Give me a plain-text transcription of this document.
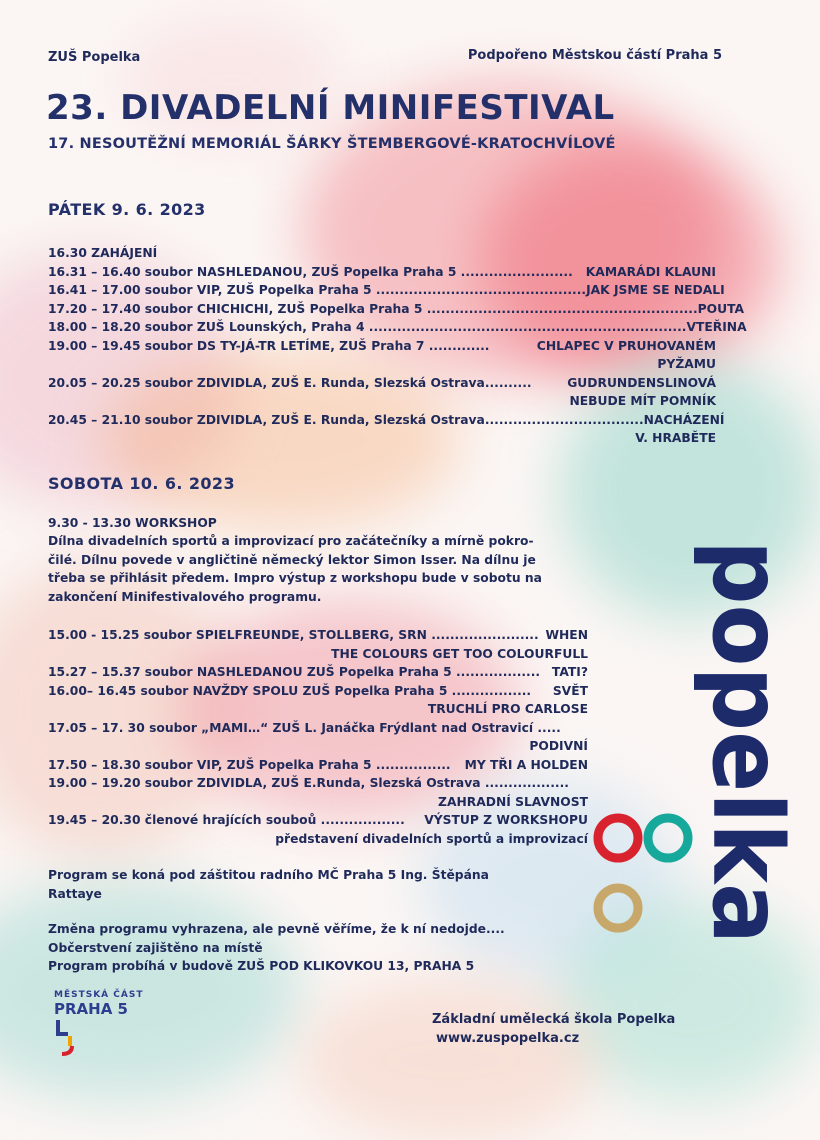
ZUŠ Popelka	Podpořeno Městskou částí Praha 5
23. DIVADELNÍ MINIFESTIVAL
17. NESOUTĚŽNÍ MEMORIÁL ŠÁRKY ŠTEMBERGOVÉ-KRATOCHVÍLOVÉ
PÁTEK 9. 6. 2023
16.30 ZAHÁJENÍ
16.31 – 16.40 soubor NASHLEDANOU, ZUŠ Popelka Praha 5 ........................ KAMARÁDI KLAUNI
16.41 – 17.00 soubor VIP, ZUŠ Popelka Praha 5 ............................................. JAK JSME SE NEDALI
17.20 – 17.40 soubor CHICHICHI, ZUŠ Popelka Praha 5 .......................................................... POUTA
18.00 – 18.20 soubor ZUŠ Lounských, Praha 4 .................................................................... VTEŘINA
19.00 – 19.45 soubor DS TY-JÁ-TR LETÍME, ZUŠ Praha 7 .............	CHLAPEC V PRUHOVANÉM
PYŽAMU
20.05 – 20.25 soubor ZDIVIDLA, ZUŠ E. Runda, Slezská Ostrava..........	GUDRUNDENSLINOVÁ
NEBUDE MÍT POMNÍK
20.45 – 21.10 soubor ZDIVIDLA, ZUŠ E. Runda, Slezská Ostrava.................................. NACHÁZENÍ
V. HRABĚTE
SOBOTA 10. 6. 2023
9.30 - 13.30 WORKSHOP
Dílna divadelních sportů a improvizací pro začátečníky a mírně pokro-
čilé. Dílnu povede v angličtině německý lektor Simon Isser. Na dílnu je
třeba se přihlásit předem. Impro výstup z workshopu bude v sobotu na
zakončení Minifestivalového programu.
15.00 - 15.25 soubor SPIELFREUNDE, STOLLBERG, SRN ....................... WHEN
THE COLOURS GET TOO COLOURFULL
15.27 – 15.37 soubor NASHLEDANOU ZUŠ Popelka Praha 5 .................. TATI?
16.00– 16.45 soubor NAVŽDY SPOLU ZUŠ Popelka Praha 5 ................. SVĚT
TRUCHLÍ PRO CARLOSE
17.05 – 17. 30 soubor „MAMI…“ ZUŠ L. Janáčka Frýdlant nad Ostravicí .....
PODIVNÍ
17.50 – 18.30 soubor VIP, ZUŠ Popelka Praha 5 ................ MY TŘI A HOLDEN
19.00 – 19.20 soubor ZDIVIDLA, ZUŠ E.Runda, Slezská Ostrava ..................
ZAHRADNÍ SLAVNOST
19.45 – 20.30 členové hrajících souboů .................. VÝSTUP Z WORKSHOPU
představení divadelních sportů a improvizací
Program se koná pod záštitou radního MČ Praha 5 Ing. Štěpána
Rattaye
Změna programu vyhrazena, ale pevně věříme, že k ní nedojde....
Občerstvení zajištěno na místě
Program probíhá v budově ZUŠ POD KLIKOVKOU 13, PRAHA 5
MĚSTSKÁ ČÁST
PRAHA 5
Základní umělecká škola Popelka
www.zuspopelka.cz
popelka
